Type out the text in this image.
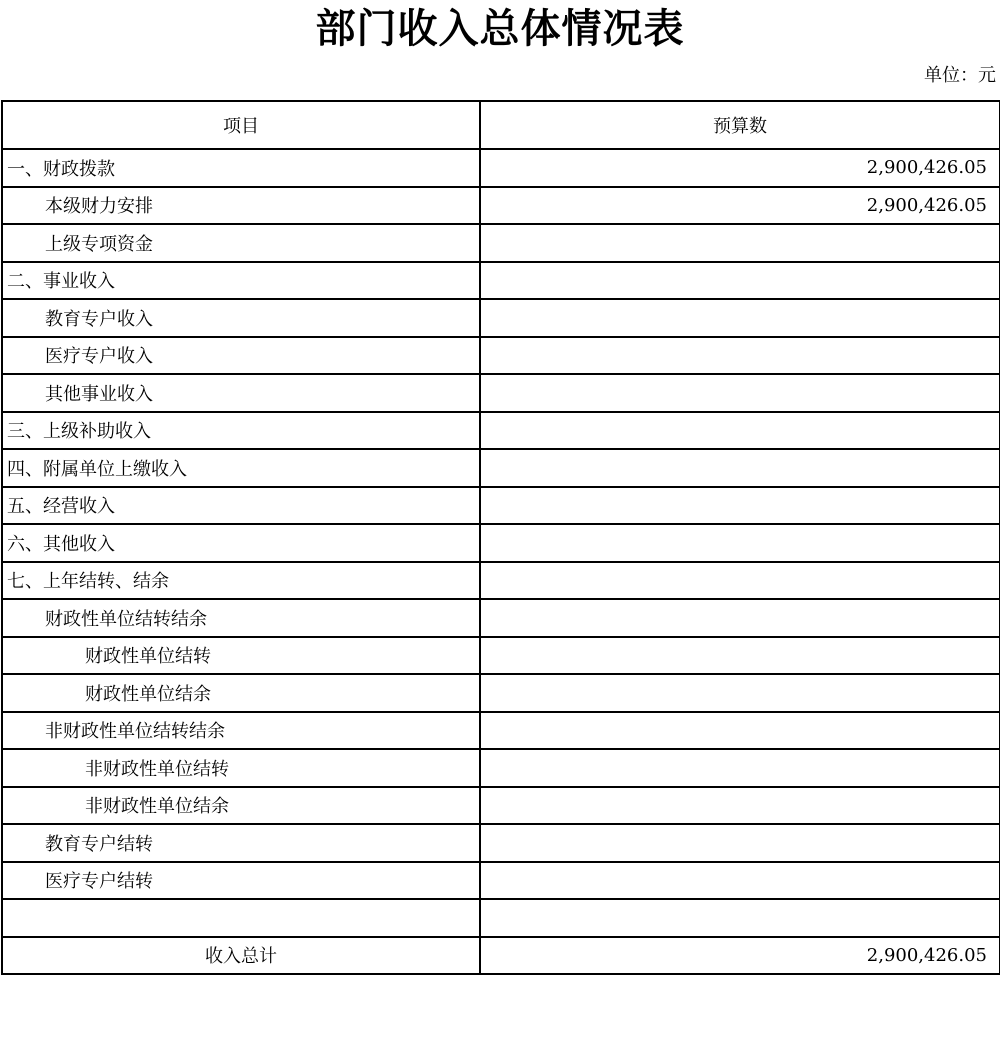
部门收入总体情况表
单位：元
项目	预算数
一、财政拨款	2,900,426.05
本级财力安排	2,900,426.05
上级专项资金	
二、事业收入	
教育专户收入	
医疗专户收入	
其他事业收入	
三、上级补助收入	
四、附属单位上缴收入	
五、经营收入	
六、其他收入	
七、上年结转、结余	
财政性单位结转结余	
财政性单位结转	
财政性单位结余	
非财政性单位结转结余	
非财政性单位结转	
非财政性单位结余	
教育专户结转	
医疗专户结转	

收入总计	2,900,426.05
